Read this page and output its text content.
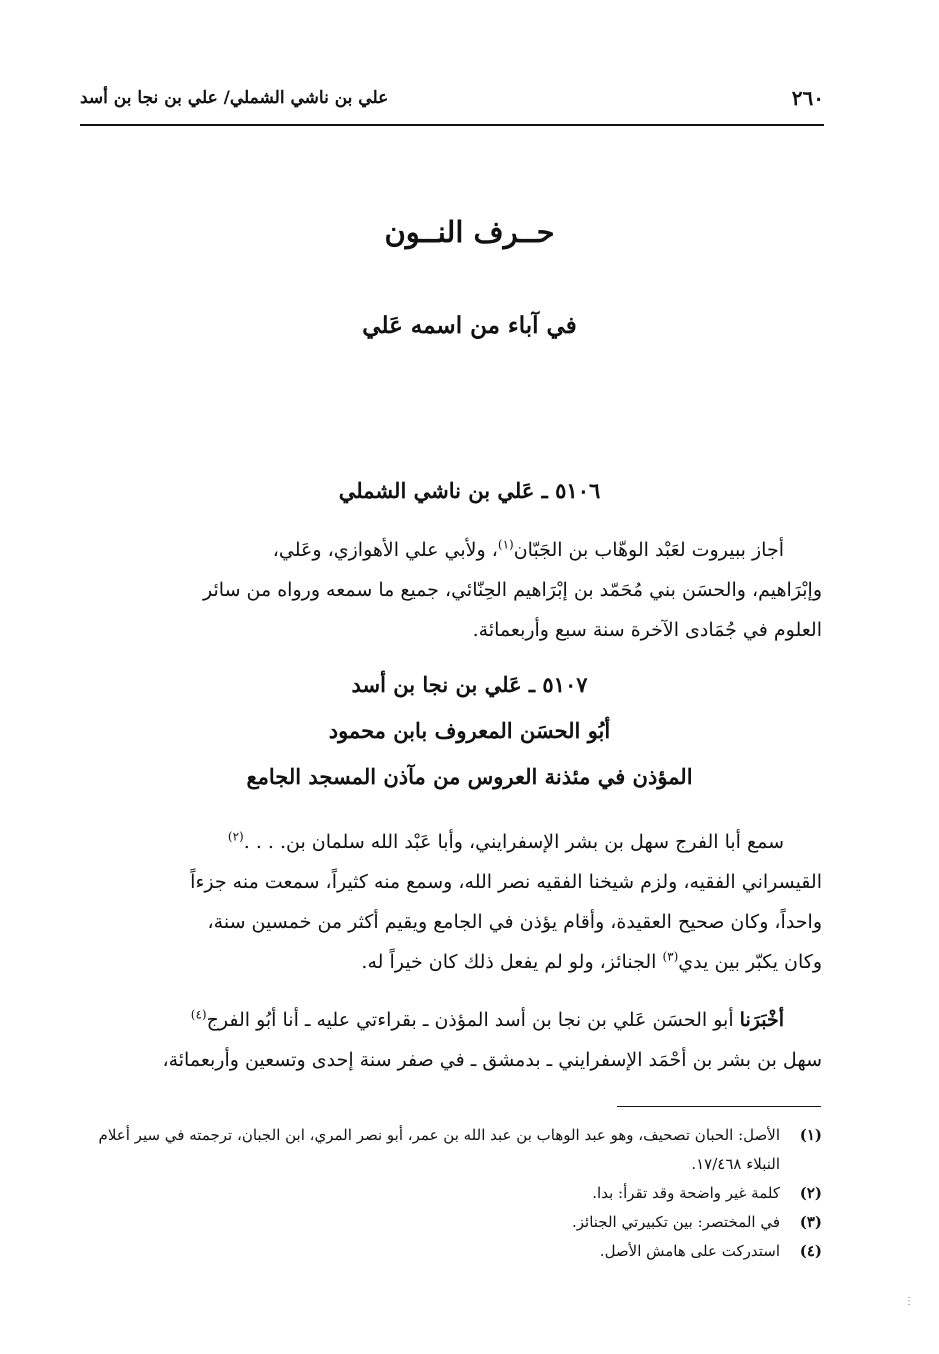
٢٦٠
علي بن ناشي الشملي/ علي بن نجا بن أسد
حــرف النــون
في آباء من اسمه عَلي
٥١٠٦ ـ عَلي بن ناشي الشملي

أجاز ببيروت لعَبْد الوهّاب بن الجَبّان$^{(١)}$، ولأبي علي الأهوازي، وعَلي،

وإبْرَاهيم، والحسَن بني مُحَمّد بن إبْرَاهيم الحِنّائي، جميع ما سمعه ورواه من سائر
العلوم في جُمَادى الآخرة سنة سبع وأربعمائة.
٥١٠٧ ـ عَلي بن نجا بن أسد
أبُو الحسَن المعروف بابن محمود
المؤذن في مئذنة العروس من مآذن المسجد الجامع

سمع أبا الفرج سهل بن بشر الإسفرايني، وأبا عَبْد الله سلمان بن. . . .$^{(٢)}$

القيسراني الفقيه، ولزم شيخنا الفقيه نصر الله، وسمع منه كثيراً، سمعت منه جزءاً
واحداً، وكان صحيح العقيدة، وأقام يؤذن في الجامع ويقيم أكثر من خمسين سنة،
وكان يكبّر بين يدي$^{(٣)}$ الجنائز، ولو لم يفعل ذلك كان خيراً له.

أخْبَرَنا أبو الحسَن عَلي بن نجا بن أسد المؤذن ـ بقراءتي عليه ـ أنا أبُو الفرج$^{(٤)}$

سهل بن بشر بن أحْمَد الإسفرايني ـ بدمشق ـ في صفر سنة إحدى وتسعين وأربعمائة،
(١)
الأصل: الحبان تصحيف، وهو عبد الوهاب بن عبد الله بن عمر، أبو نصر المري، ابن الجبان، ترجمته في سير أعلام النبلاء ١٧/٤٦٨.
(٢)
كلمة غير واضحة وقد تقرأ: بدا.
(٣)
في المختصر: بين تكبيرتي الجنائز.
(٤)
استدركت على هامش الأصل.
⋮
